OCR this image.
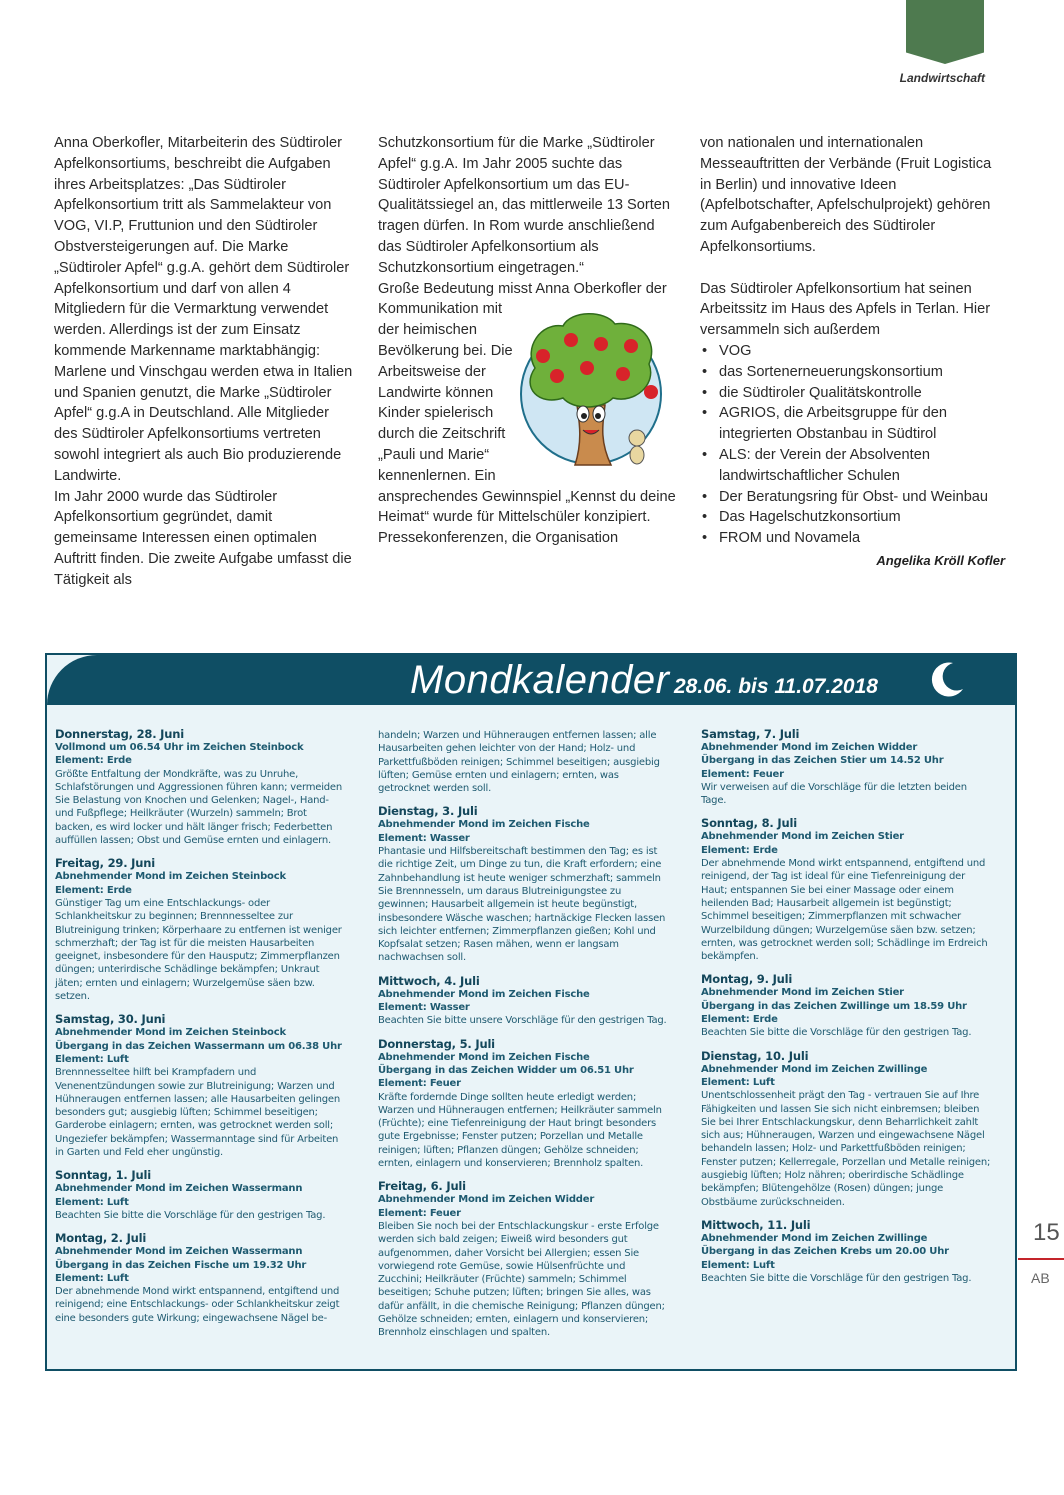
Landwirtschaft

Anna Oberkofler, Mitarbeiterin des Südtiroler Apfelkonsortiums, beschreibt die Aufgaben ihres Arbeitsplatzes: „Das Südtiroler Apfelkonsortium tritt als Sammelakteur von VOG, VI.P, Fruttunion und den Südtiroler Obstversteigerungen auf. Die Marke „Südtiroler Apfel“ g.g.A. gehört dem Südtiroler Apfelkonsortium und darf von allen 4 Mitgliedern für die Vermarktung verwendet werden. Allerdings ist der zum Einsatz kommende Markenname marktabhängig: Marlene und Vinschgau werden etwa in Italien und Spanien genutzt, die Marke „Südtiroler Apfel“ g.g.A in Deutschland. Alle Mitglieder des Südtiroler Apfelkonsortiums vertreten sowohl integriert als auch Bio produzierende Landwirte.

Im Jahr 2000 wurde das Südtiroler Apfelkonsortium gegründet, damit gemeinsame Interessen einen optimalen Auftritt finden. Die zweite Aufgabe umfasst die Tätigkeit als

Schutzkonsortium für die Marke „Südtiroler Apfel“ g.g.A. Im Jahr 2005 suchte das Südtiroler Apfelkonsortium um das EU-Qualitätssiegel an, das mittlerweile 13 Sorten tragen dürfen. In Rom wurde anschließend das Südtiroler Apfelkonsortium als Schutzkonsortium eingetragen.“

Große Bedeutung misst Anna Oberkofler der Kommunikation mit

der heimischen Bevölkerung bei. Die Arbeitsweise der Landwirte können Kinder spielerisch durch die Zeitschrift „Pauli und Marie“ kennenlernen. Ein

ansprechendes Gewinnspiel „Kennst du deine Heimat“ wurde für Mittelschüler konzipiert. Pressekonferenzen, die Organisation

von nationalen und internationalen Messeauftritten der Verbände (Fruit Logistica in Berlin) und innovative Ideen (Apfelbotschafter, Apfelschulprojekt) gehören zum Aufgabenbereich des Südtiroler Apfelkonsortiums.

Das Südtiroler Apfelkonsortium hat seinen Arbeitssitz im Haus des Apfels in Terlan. Hier versammeln sich außerdem

• VOG
• das Sortenerneuerungskonsortium
• die Südtiroler Qualitätskontrolle
• AGRIOS, die Arbeitsgruppe für den integrierten Obstanbau in Südtirol
• ALS: der Verein der Absolventen landwirtschaftlicher Schulen
• Der Beratungsring für Obst- und Weinbau
• Das Hagelschutzkonsortium
• FROM und Novamela
Angelika Kröll Kofler
Mondkalender 28.06. bis 11.07.2018
Donnerstag, 28. Juni
Vollmond um 06.54 Uhr im Zeichen Steinbock
Element: Erde
Größte Entfaltung der Mondkräfte, was zu Unruhe, Schlafstörungen und Aggressionen führen kann; vermeiden Sie Belastung von Knochen und Gelenken; Nagel-, Hand- und Fußpflege; Heilkräuter (Wurzeln) sammeln; Brot backen, es wird locker und hält länger frisch; Federbetten auffüllen lassen; Obst und Gemüse ernten und einlagern.
Freitag, 29. Juni
Abnehmender Mond im Zeichen Steinbock
Element: Erde
Günstiger Tag um eine Entschlackungs- oder Schlankheitskur zu beginnen; Brennnesseltee zur Blutreinigung trinken; Körperhaare zu entfernen ist weniger schmerzhaft; der Tag ist für die meisten Hausarbeiten geeignet, insbesondere für den Hausputz; Zimmerpflanzen düngen; unterirdische Schädlinge bekämpfen; Unkraut jäten; ernten und einlagern; Wurzelgemüse säen bzw. setzen.
Samstag, 30. Juni
Abnehmender Mond im Zeichen Steinbock
Übergang in das Zeichen Wassermann um 06.38 Uhr
Element: Luft
Brennnesseltee hilft bei Krampfadern und Venenentzündungen sowie zur Blutreinigung; Warzen und Hühneraugen entfernen lassen; alle Hausarbeiten gelingen besonders gut; ausgiebig lüften; Schimmel beseitigen; Garderobe einlagern; ernten, was getrocknet werden soll; Ungeziefer bekämpfen; Wassermanntage sind für Arbeiten in Garten und Feld eher ungünstig.
Sonntag, 1. Juli
Abnehmender Mond im Zeichen Wassermann
Element: Luft
Beachten Sie bitte die Vorschläge für den gestrigen Tag.
Montag, 2. Juli
Abnehmender Mond im Zeichen Wassermann
Übergang in das Zeichen Fische um 19.32 Uhr
Element: Luft
Der abnehmende Mond wirkt entspannend, entgiftend und reinigend; eine Entschlackungs- oder Schlankheitskur zeigt eine besonders gute Wirkung; eingewachsene Nägel be-
handeln; Warzen und Hühneraugen entfernen lassen; alle Hausarbeiten gehen leichter von der Hand; Holz- und Parkettfußböden reinigen; Schimmel beseitigen; ausgiebig lüften; Gemüse ernten und einlagern; ernten, was getrocknet werden soll.
Dienstag, 3. Juli
Abnehmender Mond im Zeichen Fische
Element: Wasser
Phantasie und Hilfsbereitschaft bestimmen den Tag; es ist die richtige Zeit, um Dinge zu tun, die Kraft erfordern; eine Zahnbehandlung ist heute weniger schmerzhaft; sammeln Sie Brennnesseln, um daraus Blutreinigungstee zu gewinnen; Hausarbeit allgemein ist heute begünstigt, insbesondere Wäsche waschen; hartnäckige Flecken lassen sich leichter entfernen; Zimmerpflanzen gießen; Kohl und Kopfsalat setzen; Rasen mähen, wenn er langsam nachwachsen soll.
Mittwoch, 4. Juli
Abnehmender Mond im Zeichen Fische
Element: Wasser
Beachten Sie bitte unsere Vorschläge für den gestrigen Tag.
Donnerstag, 5. Juli
Abnehmender Mond im Zeichen Fische
Übergang in das Zeichen Widder um 06.51 Uhr
Element: Feuer
Kräfte fordernde Dinge sollten heute erledigt werden; Warzen und Hühneraugen entfernen; Heilkräuter sammeln (Früchte); eine Tiefenreinigung der Haut bringt besonders gute Ergebnisse; Fenster putzen; Porzellan und Metalle reinigen; lüften; Pflanzen düngen; Gehölze schneiden; ernten, einlagern und konservieren; Brennholz spalten.
Freitag, 6. Juli
Abnehmender Mond im Zeichen Widder
Element: Feuer
Bleiben Sie noch bei der Entschlackungskur - erste Erfolge werden sich bald zeigen; Eiweiß wird besonders gut aufgenommen, daher Vorsicht bei Allergien; essen Sie vorwiegend rote Gemüse, sowie Hülsenfrüchte und Zucchini; Heilkräuter (Früchte) sammeln; Schimmel beseitigen; Schuhe putzen; lüften; bringen Sie alles, was dafür anfällt, in die chemische Reinigung; Pflanzen düngen; Gehölze schneiden; ernten, einlagern und konservieren; Brennholz einschlagen und spalten.
Samstag, 7. Juli
Abnehmender Mond im Zeichen Widder
Übergang in das Zeichen Stier um 14.52 Uhr
Element: Feuer
Wir verweisen auf die Vorschläge für die letzten beiden Tage.
Sonntag, 8. Juli
Abnehmender Mond im Zeichen Stier
Element: Erde
Der abnehmende Mond wirkt entspannend, entgiftend und reinigend, der Tag ist ideal für eine Tiefenreinigung der Haut; entspannen Sie bei einer Massage oder einem heilenden Bad; Hausarbeit allgemein ist begünstigt; Schimmel beseitigen; Zimmerpflanzen mit schwacher Wurzelbildung düngen; Wurzelgemüse säen bzw. setzen; ernten, was getrocknet werden soll; Schädlinge im Erdreich bekämpfen.
Montag, 9. Juli
Abnehmender Mond im Zeichen Stier
Übergang in das Zeichen Zwillinge um 18.59 Uhr
Element: Erde
Beachten Sie bitte die Vorschläge für den gestrigen Tag.
Dienstag, 10. Juli
Abnehmender Mond im Zeichen Zwillinge
Element: Luft
Unentschlossenheit prägt den Tag - vertrauen Sie auf Ihre Fähigkeiten und lassen Sie sich nicht einbremsen; bleiben Sie bei Ihrer Entschlackungskur, denn Beharrlichkeit zahlt sich aus; Hühneraugen, Warzen und eingewachsene Nägel behandeln lassen; Holz- und Parkettfußböden reinigen; Fenster putzen; Kellerregale, Porzellan und Metalle reinigen; ausgiebig lüften; Holz nähren; oberirdische Schädlinge bekämpfen; Blütengehölze (Rosen) düngen; junge Obstbäume zurückschneiden.
Mittwoch, 11. Juli
Abnehmender Mond im Zeichen Zwillinge
Übergang in das Zeichen Krebs um 20.00 Uhr
Element: Luft
Beachten Sie bitte die Vorschläge für den gestrigen Tag.
15
AB
